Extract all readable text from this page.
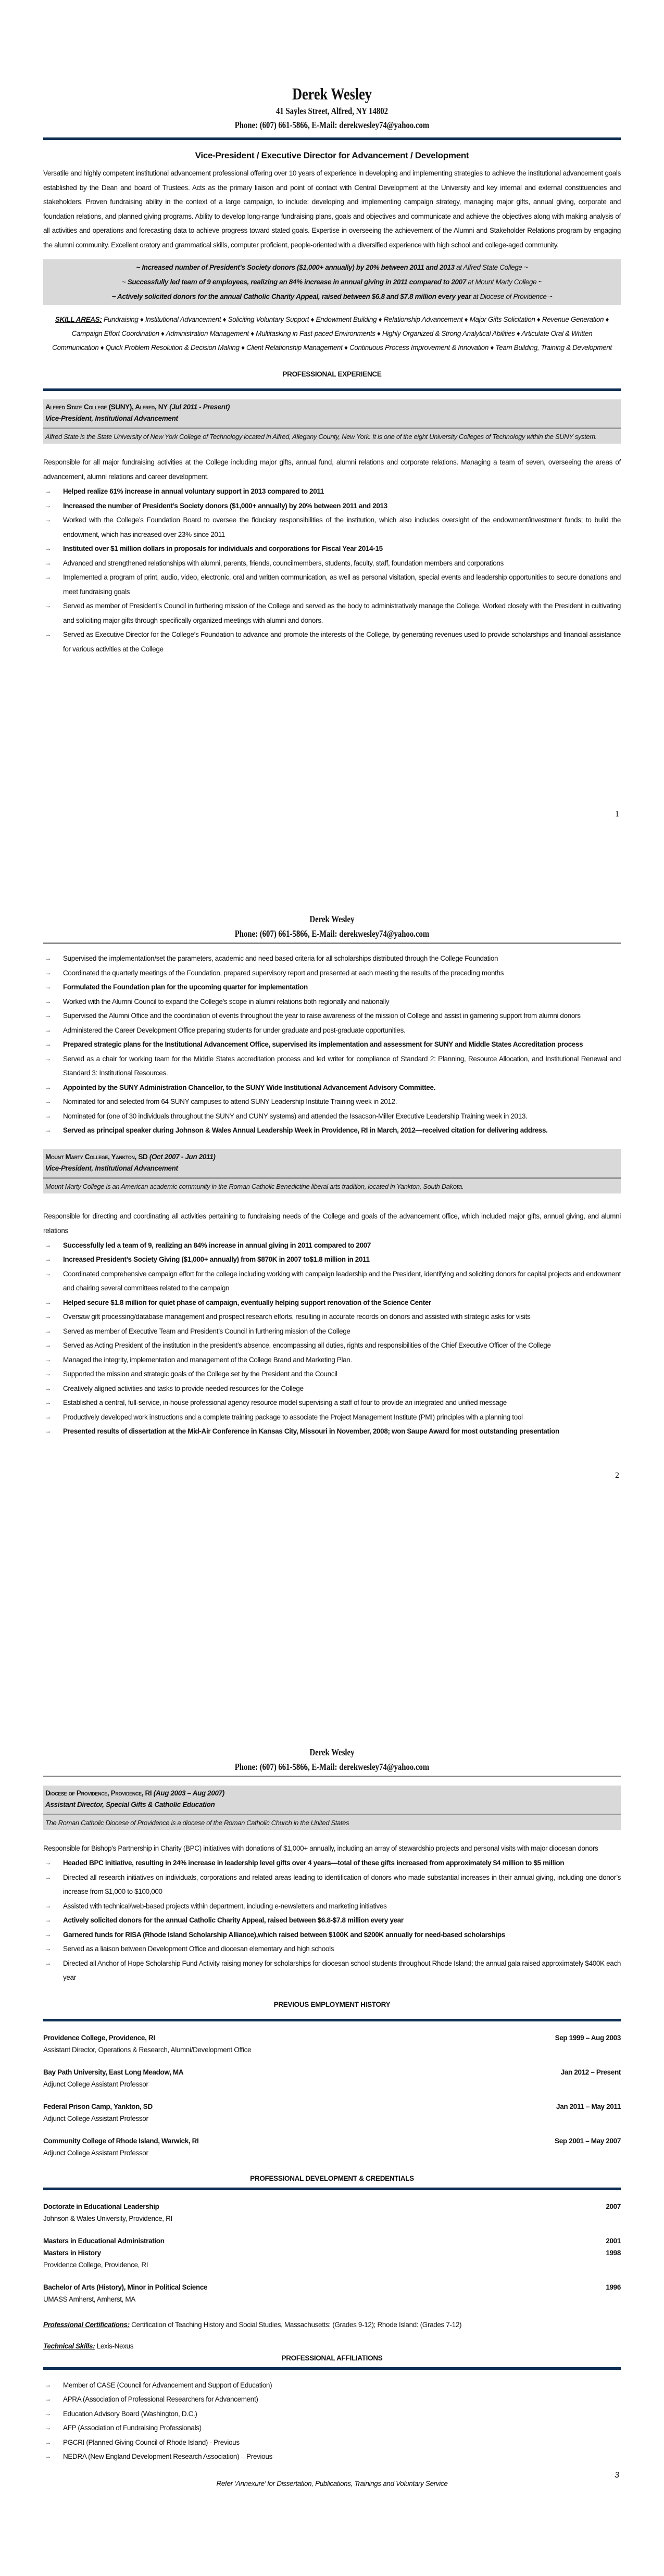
Derek Wesley
41 Sayles Street, Alfred, NY 14802
Phone: (607) 661-5866, E-Mail: derekwesley74@yahoo.com
Vice-President / Executive Director for Advancement / Development
Versatile and highly competent institutional advancement professional offering over 10 years of experience in developing and implementing strategies to achieve the institutional advancement goals established by the Dean and board of Trustees. Acts as the primary liaison and point of contact with Central Development at the University and key internal and external constituencies and stakeholders. Proven fundraising ability in the context of a large campaign, to include: developing and implementing campaign strategy, managing major gifts, annual giving, corporate and foundation relations, and planned giving programs. Ability to develop long-range fundraising plans, goals and objectives and communicate and achieve the objectives along with making analysis of all activities and operations and forecasting data to achieve progress toward stated goals. Expertise in overseeing the achievement of the Alumni and Stakeholder Relations program by engaging the alumni community. Excellent oratory and grammatical skills, computer proficient, people-oriented with a diversified experience with high school and college-aged community.
~ Increased number of President’s Society donors ($1,000+ annually) by 20% between 2011 and 2013 at Alfred State College ~
~ Successfully led team of 9 employees, realizing an 84% increase in annual giving in 2011 compared to 2007 at Mount Marty College ~
~ Actively solicited donors for the annual Catholic Charity Appeal, raised between $6.8 and $7.8 million every year at Diocese of Providence ~
SKILL AREAS: Fundraising ♦ Institutional Advancement ♦ Soliciting Voluntary Support ♦ Endowment Building ♦ Relationship Advancement ♦ Major Gifts Solicitation ♦ Revenue Generation ♦ Campaign Effort Coordination ♦ Administration Management ♦ Multitasking in Fast-paced Environments ♦ Highly Organized & Strong Analytical Abilities ♦ Articulate Oral & Written Communication ♦ Quick Problem Resolution & Decision Making ♦ Client Relationship Management ♦ Continuous Process Improvement & Innovation ♦ Team Building, Training & Development
PROFESSIONAL EXPERIENCE
Alfred State College (SUNY), Alfred, NY (Jul 2011 - Present)
Vice-President, Institutional Advancement
Alfred State is the State University of New York College of Technology located in Alfred, Allegany County, New York. It is one of the eight University Colleges of Technology within the SUNY system.
Responsible for all major fundraising activities at the College including major gifts, annual fund, alumni relations and corporate relations. Managing a team of seven, overseeing the areas of advancement, alumni relations and career development.
→ Helped realize 61% increase in annual voluntary support in 2013 compared to 2011
→ Increased the number of President’s Society donors ($1,000+ annually) by 20% between 2011 and 2013
→ Worked with the College’s Foundation Board to oversee the fiduciary responsibilities of the institution, which also includes oversight of the endowment/investment funds; to build the endowment, which has increased over 23% since 2011
→ Instituted over $1 million dollars in proposals for individuals and corporations for Fiscal Year 2014-15
→ Advanced and strengthened relationships with alumni, parents, friends, councilmembers, students, faculty, staff, foundation members and corporations
→ Implemented a program of print, audio, video, electronic, oral and written communication, as well as personal visitation, special events and leadership opportunities to secure donations and meet fundraising goals
→ Served as member of President’s Council in furthering mission of the College and served as the body to administratively manage the College. Worked closely with the President in cultivating and soliciting major gifts through specifically organized meetings with alumni and donors.
→ Served as Executive Director for the College’s Foundation to advance and promote the interests of the College, by generating revenues used to provide scholarships and financial assistance for various activities at the College
1
Derek Wesley
Phone: (607) 661-5866, E-Mail: derekwesley74@yahoo.com
→ Supervised the implementation/set the parameters, academic and need based criteria for all scholarships distributed through the College Foundation
→ Coordinated the quarterly meetings of the Foundation, prepared supervisory report and presented at each meeting the results of the preceding months
→ Formulated the Foundation plan for the upcoming quarter for implementation
→ Worked with the Alumni Council to expand the College’s scope in alumni relations both regionally and nationally
→ Supervised the Alumni Office and the coordination of events throughout the year to raise awareness of the mission of College and assist in garnering support from alumni donors
→ Administered the Career Development Office preparing students for under graduate and post-graduate opportunities.
→ Prepared strategic plans for the Institutional Advancement Office, supervised its implementation and assessment for SUNY and Middle States Accreditation process
→ Served as a chair for working team for the Middle States accreditation process and led writer for compliance of Standard 2: Planning, Resource Allocation, and Institutional Renewal and Standard 3: Institutional Resources.
→ Appointed by the SUNY Administration Chancellor, to the SUNY Wide Institutional Advancement Advisory Committee.
→ Nominated for and selected from 64 SUNY campuses to attend SUNY Leadership Institute Training week in 2012.
→ Nominated for (one of 30 individuals throughout the SUNY and CUNY systems) and attended the Issacson-Miller Executive Leadership Training week in 2013.
→ Served as principal speaker during Johnson & Wales Annual Leadership Week in Providence, RI in March, 2012—received citation for delivering address.
Mount Marty College, Yankton, SD (Oct 2007 - Jun 2011)
Vice-President, Institutional Advancement
Mount Marty College is an American academic community in the Roman Catholic Benedictine liberal arts tradition, located in Yankton, South Dakota.
Responsible for directing and coordinating all activities pertaining to fundraising needs of the College and goals of the advancement office, which included major gifts, annual giving, and alumni relations
→ Successfully led a team of 9, realizing an 84% increase in annual giving in 2011 compared to 2007
→ Increased President’s Society Giving ($1,000+ annually) from $870K in 2007 to$1.8 million in 2011
→ Coordinated comprehensive campaign effort for the college including working with campaign leadership and the President, identifying and soliciting donors for capital projects and endowment and chairing several committees related to the campaign
→ Helped secure $1.8 million for quiet phase of campaign, eventually helping support renovation of the Science Center
→ Oversaw gift processing/database management and prospect research efforts, resulting in accurate records on donors and assisted with strategic asks for visits
→ Served as member of Executive Team and President’s Council in furthering mission of the College
→ Served as Acting President of the institution in the president’s absence, encompassing all duties, rights and responsibilities of the Chief Executive Officer of the College
→ Managed the integrity, implementation and management of the College Brand and Marketing Plan.
→ Supported the mission and strategic goals of the College set by the President and the Council
→ Creatively aligned activities and tasks to provide needed resources for the College
→ Established a central, full-service, in-house professional agency resource model supervising a staff of four to provide an integrated and unified message
→ Productively developed work instructions and a complete training package to associate the Project Management Institute (PMI) principles with a planning tool
→ Presented results of dissertation at the Mid-Air Conference in Kansas City, Missouri in November, 2008; won Saupe Award for most outstanding presentation
2
Derek Wesley
Phone: (607) 661-5866, E-Mail: derekwesley74@yahoo.com
Diocese of Providence, Providence, RI (Aug 2003 – Aug 2007)
Assistant Director, Special Gifts & Catholic Education
The Roman Catholic Diocese of Providence is a diocese of the Roman Catholic Church in the United States
Responsible for Bishop’s Partnership in Charity (BPC) initiatives with donations of $1,000+ annually, including an array of stewardship projects and personal visits with major diocesan donors
→ Headed BPC initiative, resulting in 24% increase in leadership level gifts over 4 years—total of these gifts increased from approximately $4 million to $5 million
→ Directed all research initiatives on individuals, corporations and related areas leading to identification of donors who made substantial increases in their annual giving, including one donor’s increase from $1,000 to $100,000
→ Assisted with technical/web-based projects within department, including e-newsletters and marketing initiatives
→ Actively solicited donors for the annual Catholic Charity Appeal, raised between $6.8-$7.8 million every year
→ Garnered funds for RISA (Rhode Island Scholarship Alliance),which raised between $100K and $200K annually for need-based scholarships
→ Served as a liaison between Development Office and diocesan elementary and high schools
→ Directed all Anchor of Hope Scholarship Fund Activity raising money for scholarships for diocesan school students throughout Rhode Island; the annual gala raised approximately $400K each year
PREVIOUS EMPLOYMENT HISTORY
Providence College, Providence, RI	Sep 1999 – Aug 2003
Assistant Director, Operations & Research, Alumni/Development Office
Bay Path University, East Long Meadow, MA	Jan 2012 – Present
Adjunct College Assistant Professor
Federal Prison Camp, Yankton, SD	Jan 2011 – May 2011
Adjunct College Assistant Professor
Community College of Rhode Island, Warwick, RI	Sep 2001 – May 2007
Adjunct College Assistant Professor
PROFESSIONAL DEVELOPMENT & CREDENTIALS
Doctorate in Educational Leadership	2007
Johnson & Wales University, Providence, RI
Masters in Educational Administration	2001
Masters in History	1998
Providence College, Providence, RI
Bachelor of Arts (History), Minor in Political Science	1996
UMASS Amherst, Amherst, MA
Professional Certifications: Certification of Teaching History and Social Studies, Massachusetts: (Grades 9-12); Rhode Island: (Grades 7-12)
Technical Skills: Lexis-Nexus
PROFESSIONAL AFFILIATIONS
→ Member of CASE (Council for Advancement and Support of Education)
→ APRA (Association of Professional Researchers for Advancement)
→ Education Advisory Board (Washington, D.C.)
→ AFP (Association of Fundraising Professionals)
→ PGCRI (Planned Giving Council of Rhode Island) - Previous
→ NEDRA (New England Development Research Association) – Previous
Refer ‘Annexure’ for Dissertation, Publications, Trainings and Voluntary Service
3
